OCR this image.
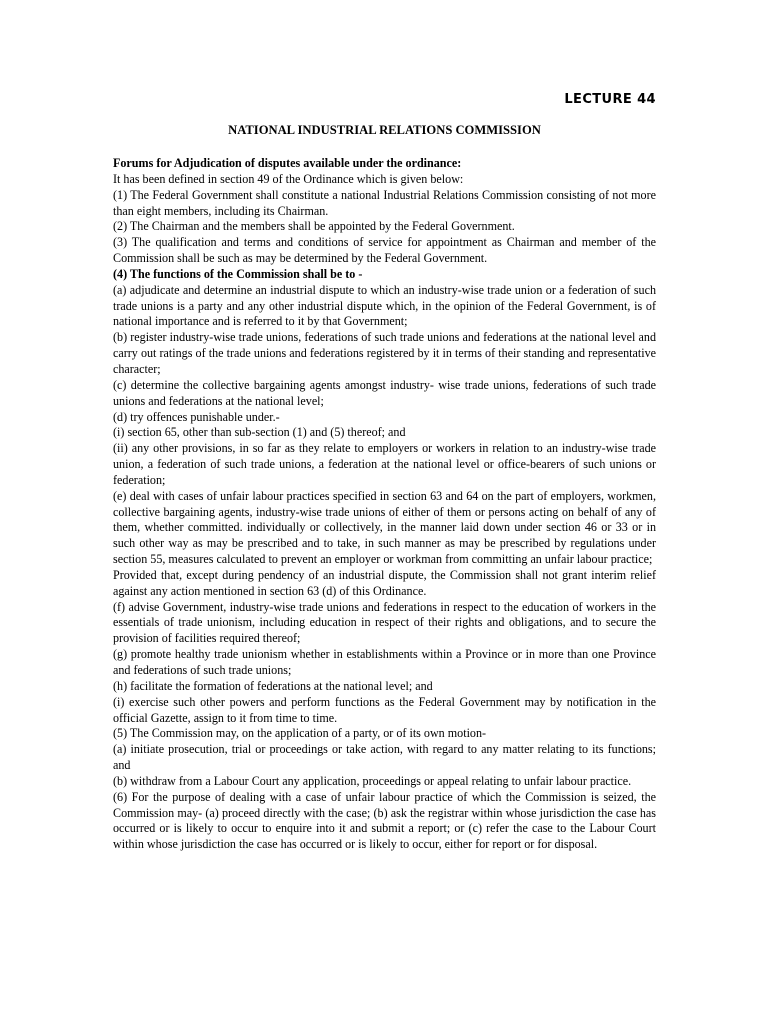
LECTURE 44
NATIONAL INDUSTRIAL RELATIONS COMMISSION

Forums for Adjudication of disputes available under the ordinance:

It has been defined in section 49 of the Ordinance which is given below:

(1) The Federal Government shall constitute a national Industrial Relations Commission consisting of not more than eight members, including its Chairman.

(2) The Chairman and the members shall be appointed by the Federal Government.

(3) The qualification and terms and conditions of service for appointment as Chairman and member of the Commission shall be such as may be determined by the Federal Government.

(4) The functions of the Commission shall be to -

(a) adjudicate and determine an industrial dispute to which an industry-wise trade union or a federation of such trade unions is a party and any other industrial dispute which, in the opinion of the Federal Government, is of national importance and is referred to it by that Government;

(b) register industry-wise trade unions, federations of such trade unions and federations at the national level and carry out ratings of the trade unions and federations registered by it in terms of their standing and representative character;

(c) determine the collective bargaining agents amongst industry- wise trade unions, federations of such trade unions and federations at the national level;

(d) try offences punishable under.-

(i) section 65, other than sub-section (1) and (5) thereof; and

(ii) any other provisions, in so far as they relate to employers or workers in relation to an industry-wise trade union, a federation of such trade unions, a federation at the national level or office-bearers of such unions or federation;

(e) deal with cases of unfair labour practices specified in section 63 and 64 on the part of employers, workmen, collective bargaining agents, industry-wise trade unions of either of them or persons acting on behalf of any of them, whether committed. individually or collectively, in the manner laid down under section 46 or 33 or in such other way as may be prescribed and to take, in such manner as may be prescribed by regulations under section 55, measures calculated to prevent an employer or workman from committing an unfair labour practice;

Provided that, except during pendency of an industrial dispute, the Commission shall not grant interim relief against any action mentioned in section 63 (d) of this Ordinance.

(f) advise Government, industry-wise trade unions and federations in respect to the education of workers in the essentials of trade unionism, including education in respect of their rights and obligations, and to secure the provision of facilities required thereof;

(g) promote healthy trade unionism whether in establishments within a Province or in more than one Province and federations of such trade unions;

(h) facilitate the formation of federations at the national level; and

(i) exercise such other powers and perform functions as the Federal Government may by notification in the official Gazette, assign to it from time to time.

(5) The Commission may, on the application of a party, or of its own motion-

(a) initiate prosecution, trial or proceedings or take action, with regard to any matter relating to its functions; and

(b) withdraw from a Labour Court any application, proceedings or appeal relating to unfair labour practice.

(6) For the purpose of dealing with a case of unfair labour practice of which the Commission is seized, the Commission may- (a) proceed directly with the case; (b) ask the registrar within whose jurisdiction the case has occurred or is likely to occur to enquire into it and submit a report; or (c) refer the case to the Labour Court within whose jurisdiction the case has occurred or is likely to occur, either for report or for disposal.
